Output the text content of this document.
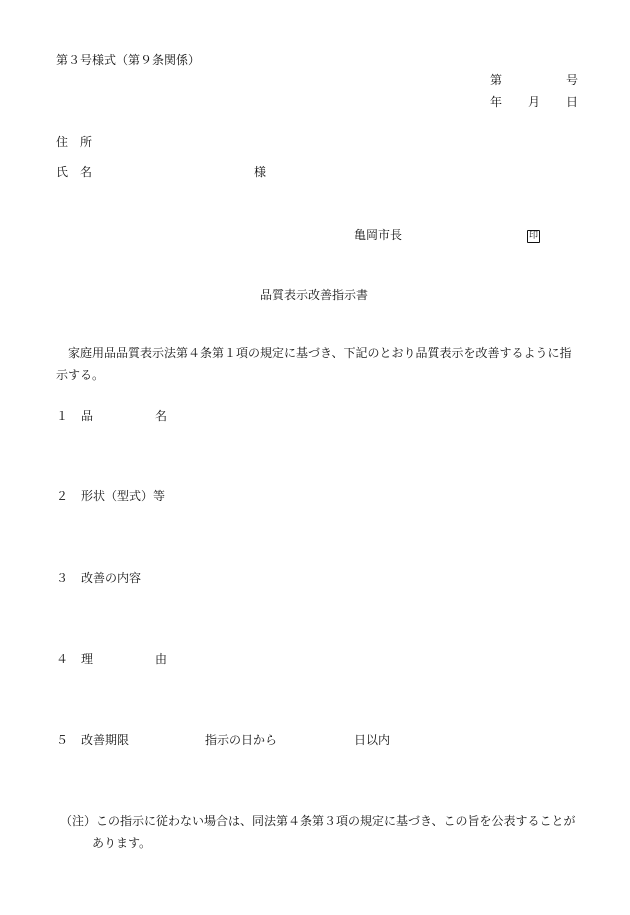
第３号様式（第９条関係）
第	号
年 月 日
住　所
氏　名	様
亀岡市長	印
品質表示改善指示書
家庭用品品質表示法第４条第１項の規定に基づき、下記のとおり品質表示を改善するように指示する。
１ 品	名
２ 形状（型式）等
３ 改善の内容
４ 理	由
５ 改善期限	指示の日から	日以内
（注）この指示に従わない場合は、同法第４条第３項の規定に基づき、この旨を公表することがあります。
